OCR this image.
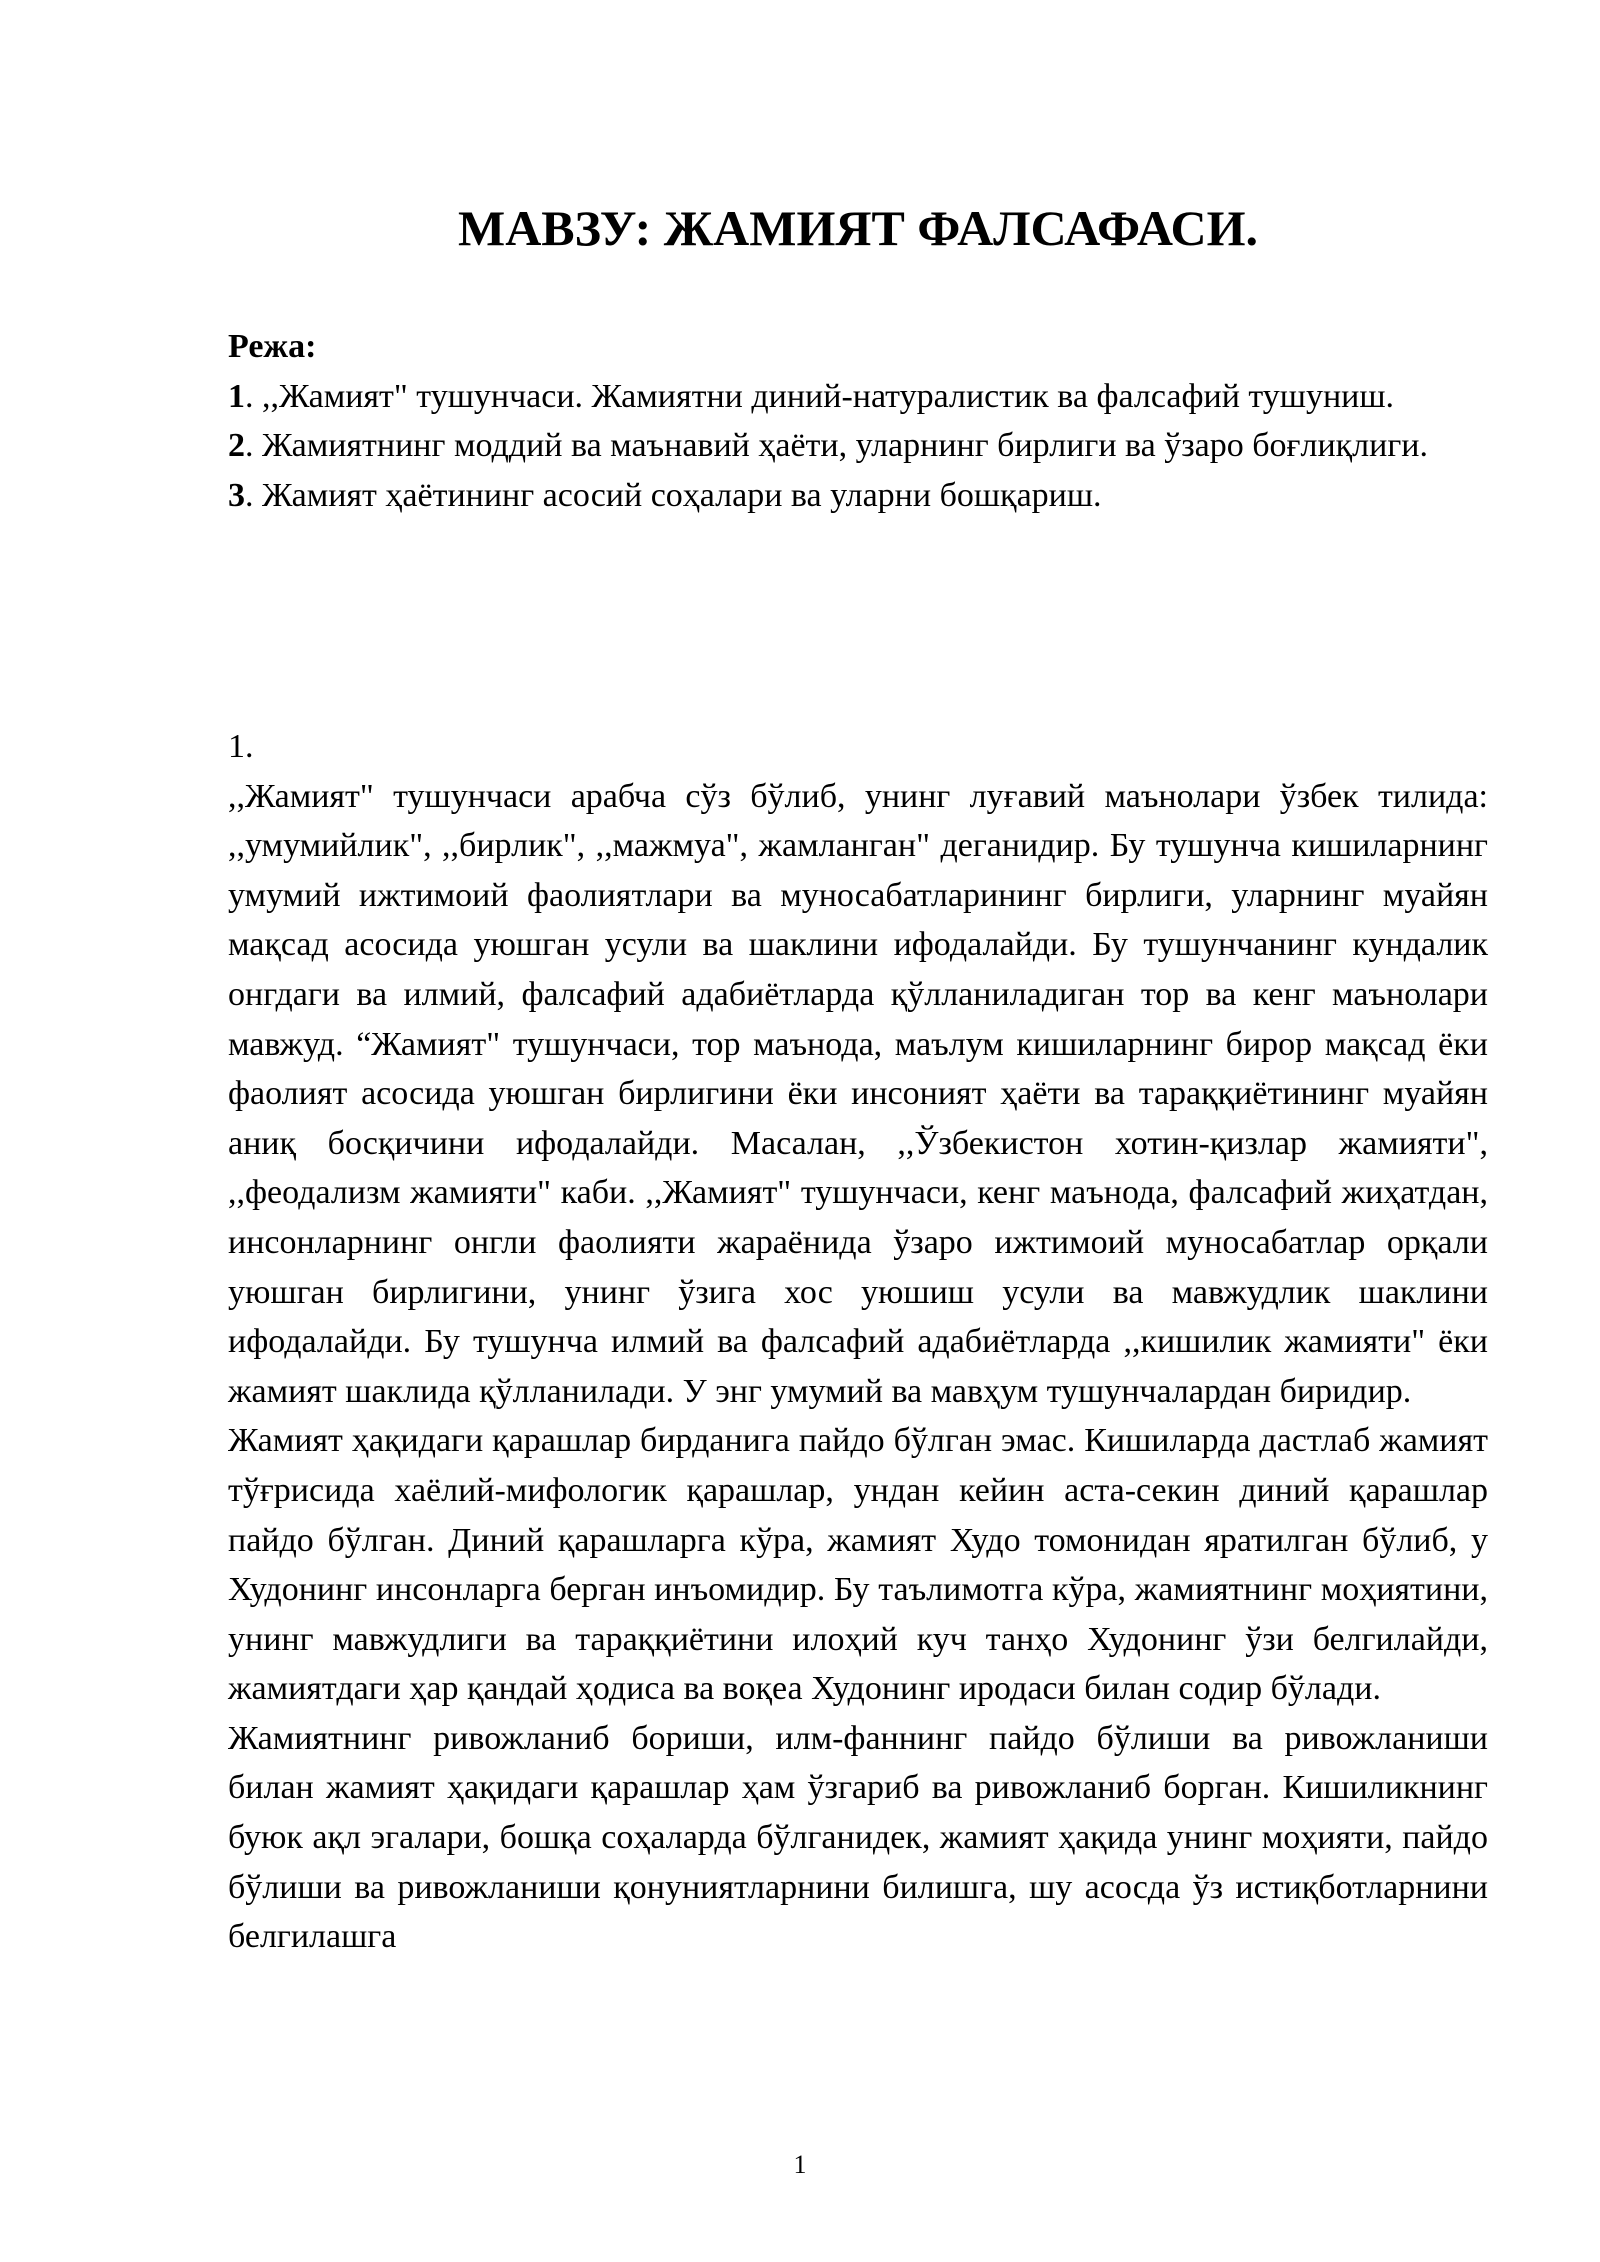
МАВЗУ: ЖАМИЯТ ФАЛСАФАСИ.

Режа:

1. ,,Жамият" тушунчаси. Жамиятни диний-натуралистик ва фалсафий тушуниш.

2. Жамиятнинг моддий ва маънавий ҳаёти, уларнинг бирлиги ва ўзаро боғлиқлиги.

3. Жамият ҳаётининг асосий соҳалари ва уларни бошқариш.

1.

,,Жамият" тушунчаси арабча сўз бўлиб, унинг луғавий маънолари ўзбек тилида: ,,умумийлик", ,,бирлик", ,,мажмуа", жамланган" деганидир. Бу тушунча кишиларнинг умумий ижтимоий фаолиятлари ва муносабатларининг бирлиги, уларнинг муайян мақсад асосида уюшган усули ва шаклини ифодалайди. Бу тушунчанинг кундалик онгдаги ва илмий, фалсафий адабиётларда қўлланиладиган тор ва кенг маънолари мавжуд. “Жамият" тушунчаси, тор маънода, маълум кишиларнинг бирор мақсад ёки фаолият асосида уюшган бирлигини ёки инсоният ҳаёти ва тараққиётининг муайян аниқ босқичини ифодалайди. Масалан, ,,Ўзбекистон хотин-қизлар жамияти", ,,феодализм жамияти" каби. ,,Жамият" тушунчаси, кенг маънода, фалсафий жиҳатдан, инсонларнинг онгли фаолияти жараёнида ўзаро ижтимоий муносабатлар орқали уюшган бирлигини, унинг ўзига хос уюшиш усули ва мавжудлик шаклини ифодалайди. Бу тушунча илмий ва фалсафий адабиётларда ,,кишилик жамияти" ёки жамият шаклида қўлланилади. У энг умумий ва мавҳум тушунчалардан биридир.

Жамият ҳақидаги қарашлар бирданига пайдо бўлган эмас. Кишиларда дастлаб жамият тўғрисида хаёлий-мифологик қарашлар, ундан кейин аста-секин диний қарашлар пайдо бўлган. Диний қарашларга кўра, жамият Худо томонидан яратилган бўлиб, у Худонинг инсонларга берган инъомидир. Бу таълимотга кўра, жамиятнинг моҳиятини, унинг мавжудлиги ва тараққиётини илоҳий куч танҳо Худонинг ўзи белгилайди, жамиятдаги ҳар қандай ҳодиса ва воқеа Худонинг иродаси билан содир бўлади.

Жамиятнинг ривожланиб бориши, илм-фаннинг пайдо бўлиши ва ривожланиши билан жамият ҳақидаги қарашлар ҳам ўзгариб ва ривожланиб борган. Кишиликнинг буюк ақл эгалари, бошқа соҳаларда бўлганидек, жамият ҳақида унинг моҳияти, пайдо бўлиши ва ривожланиши қонуниятларнини билишга, шу асосда ўз истиқботларнини белгилашга

1
